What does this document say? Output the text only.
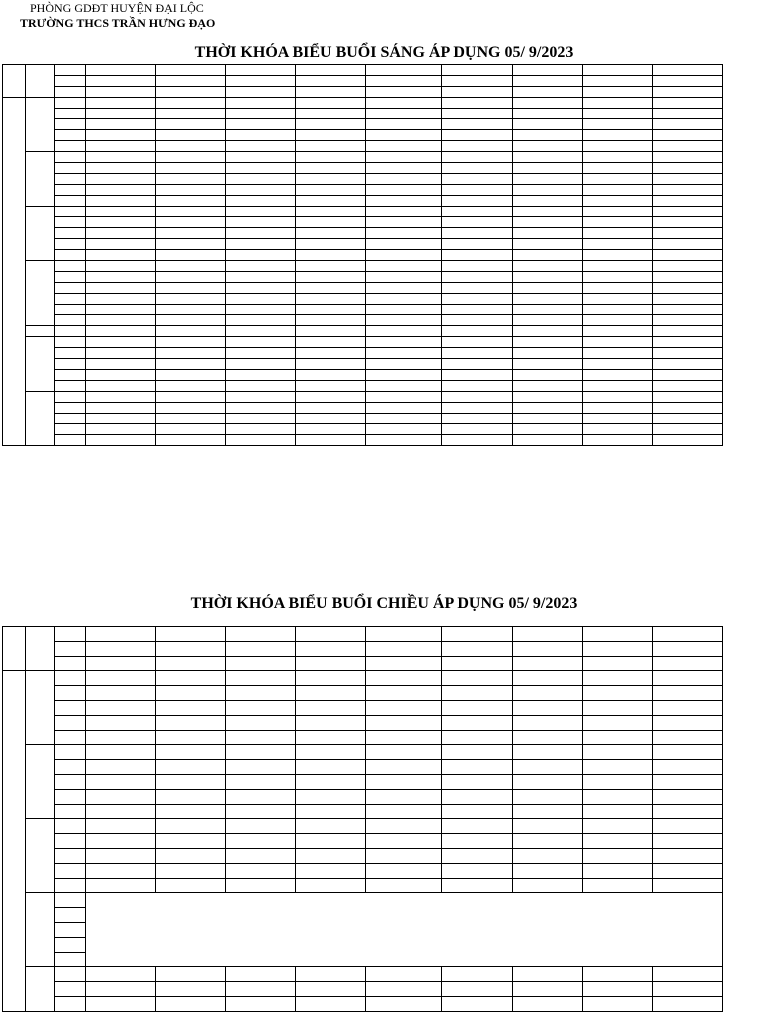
PHÒNG GDĐT HUYỆN ĐẠI LỘC
TRƯỜNG THCS TRẦN HƯNG ĐẠO
THỜI KHÓA BIỂU BUỔI SÁNG ÁP DỤNG 05/ 9/2023

THỜI KHÓA BIỂU BUỔI CHIỀU ÁP DỤNG 05/ 9/2023
